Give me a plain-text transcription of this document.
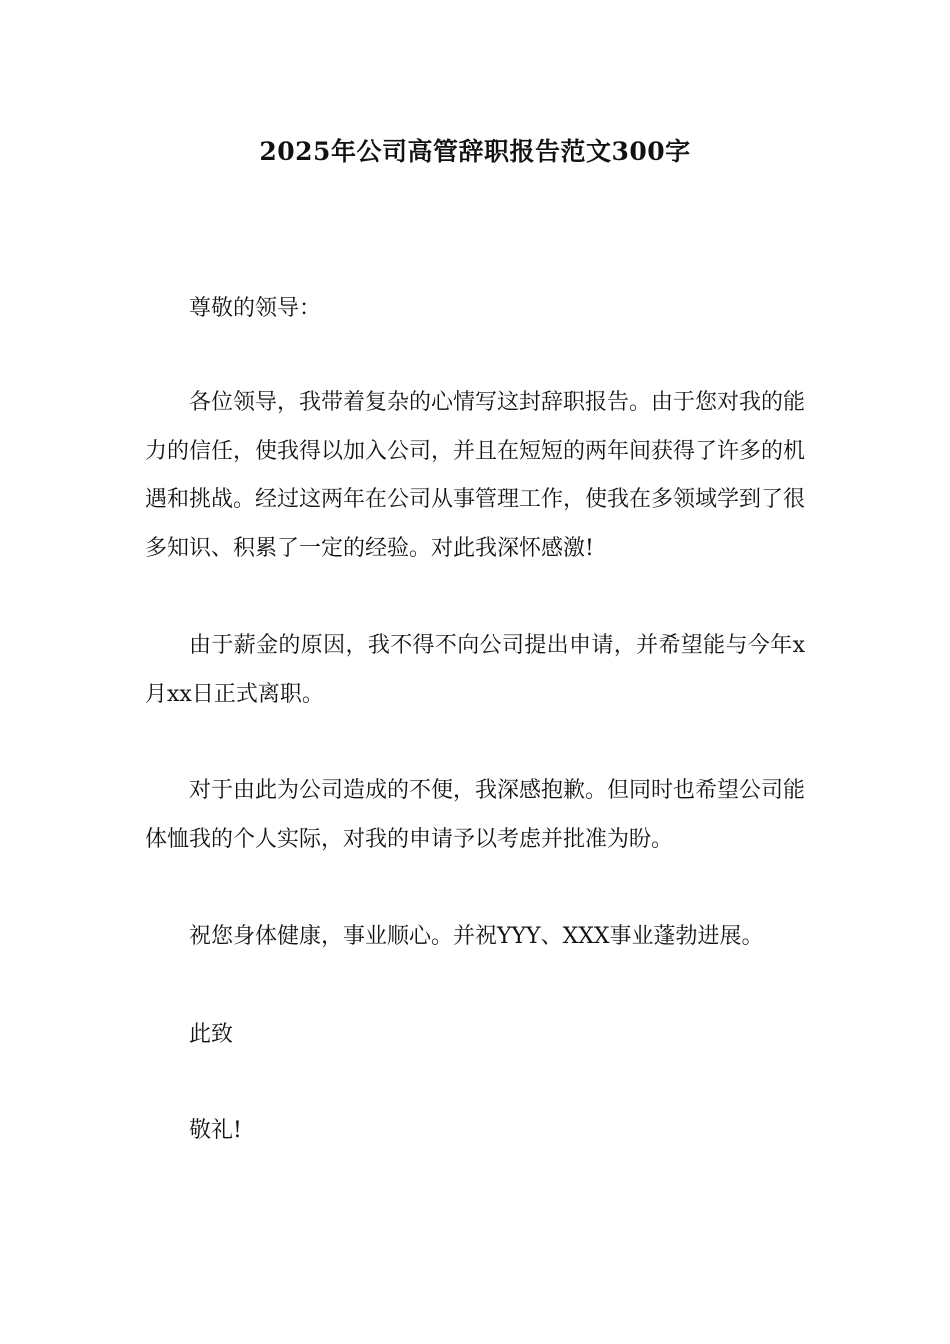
2025年公司高管辞职报告范文300字

尊敬的领导：

各位领导，我带着复杂的心情写这封辞职报告。由于您对我的能力的信任，使我得以加入公司，并且在短短的两年间获得了许多的机遇和挑战。经过这两年在公司从事管理工作，使我在多领域学到了很多知识、积累了一定的经验。对此我深怀感激!

由于薪金的原因，我不得不向公司提出申请，并希望能与今年x月xx日正式离职。

对于由此为公司造成的不便，我深感抱歉。但同时也希望公司能体恤我的个人实际，对我的申请予以考虑并批准为盼。

祝您身体健康，事业顺心。并祝YYY、XXX事业蓬勃进展。

此致

敬礼!
